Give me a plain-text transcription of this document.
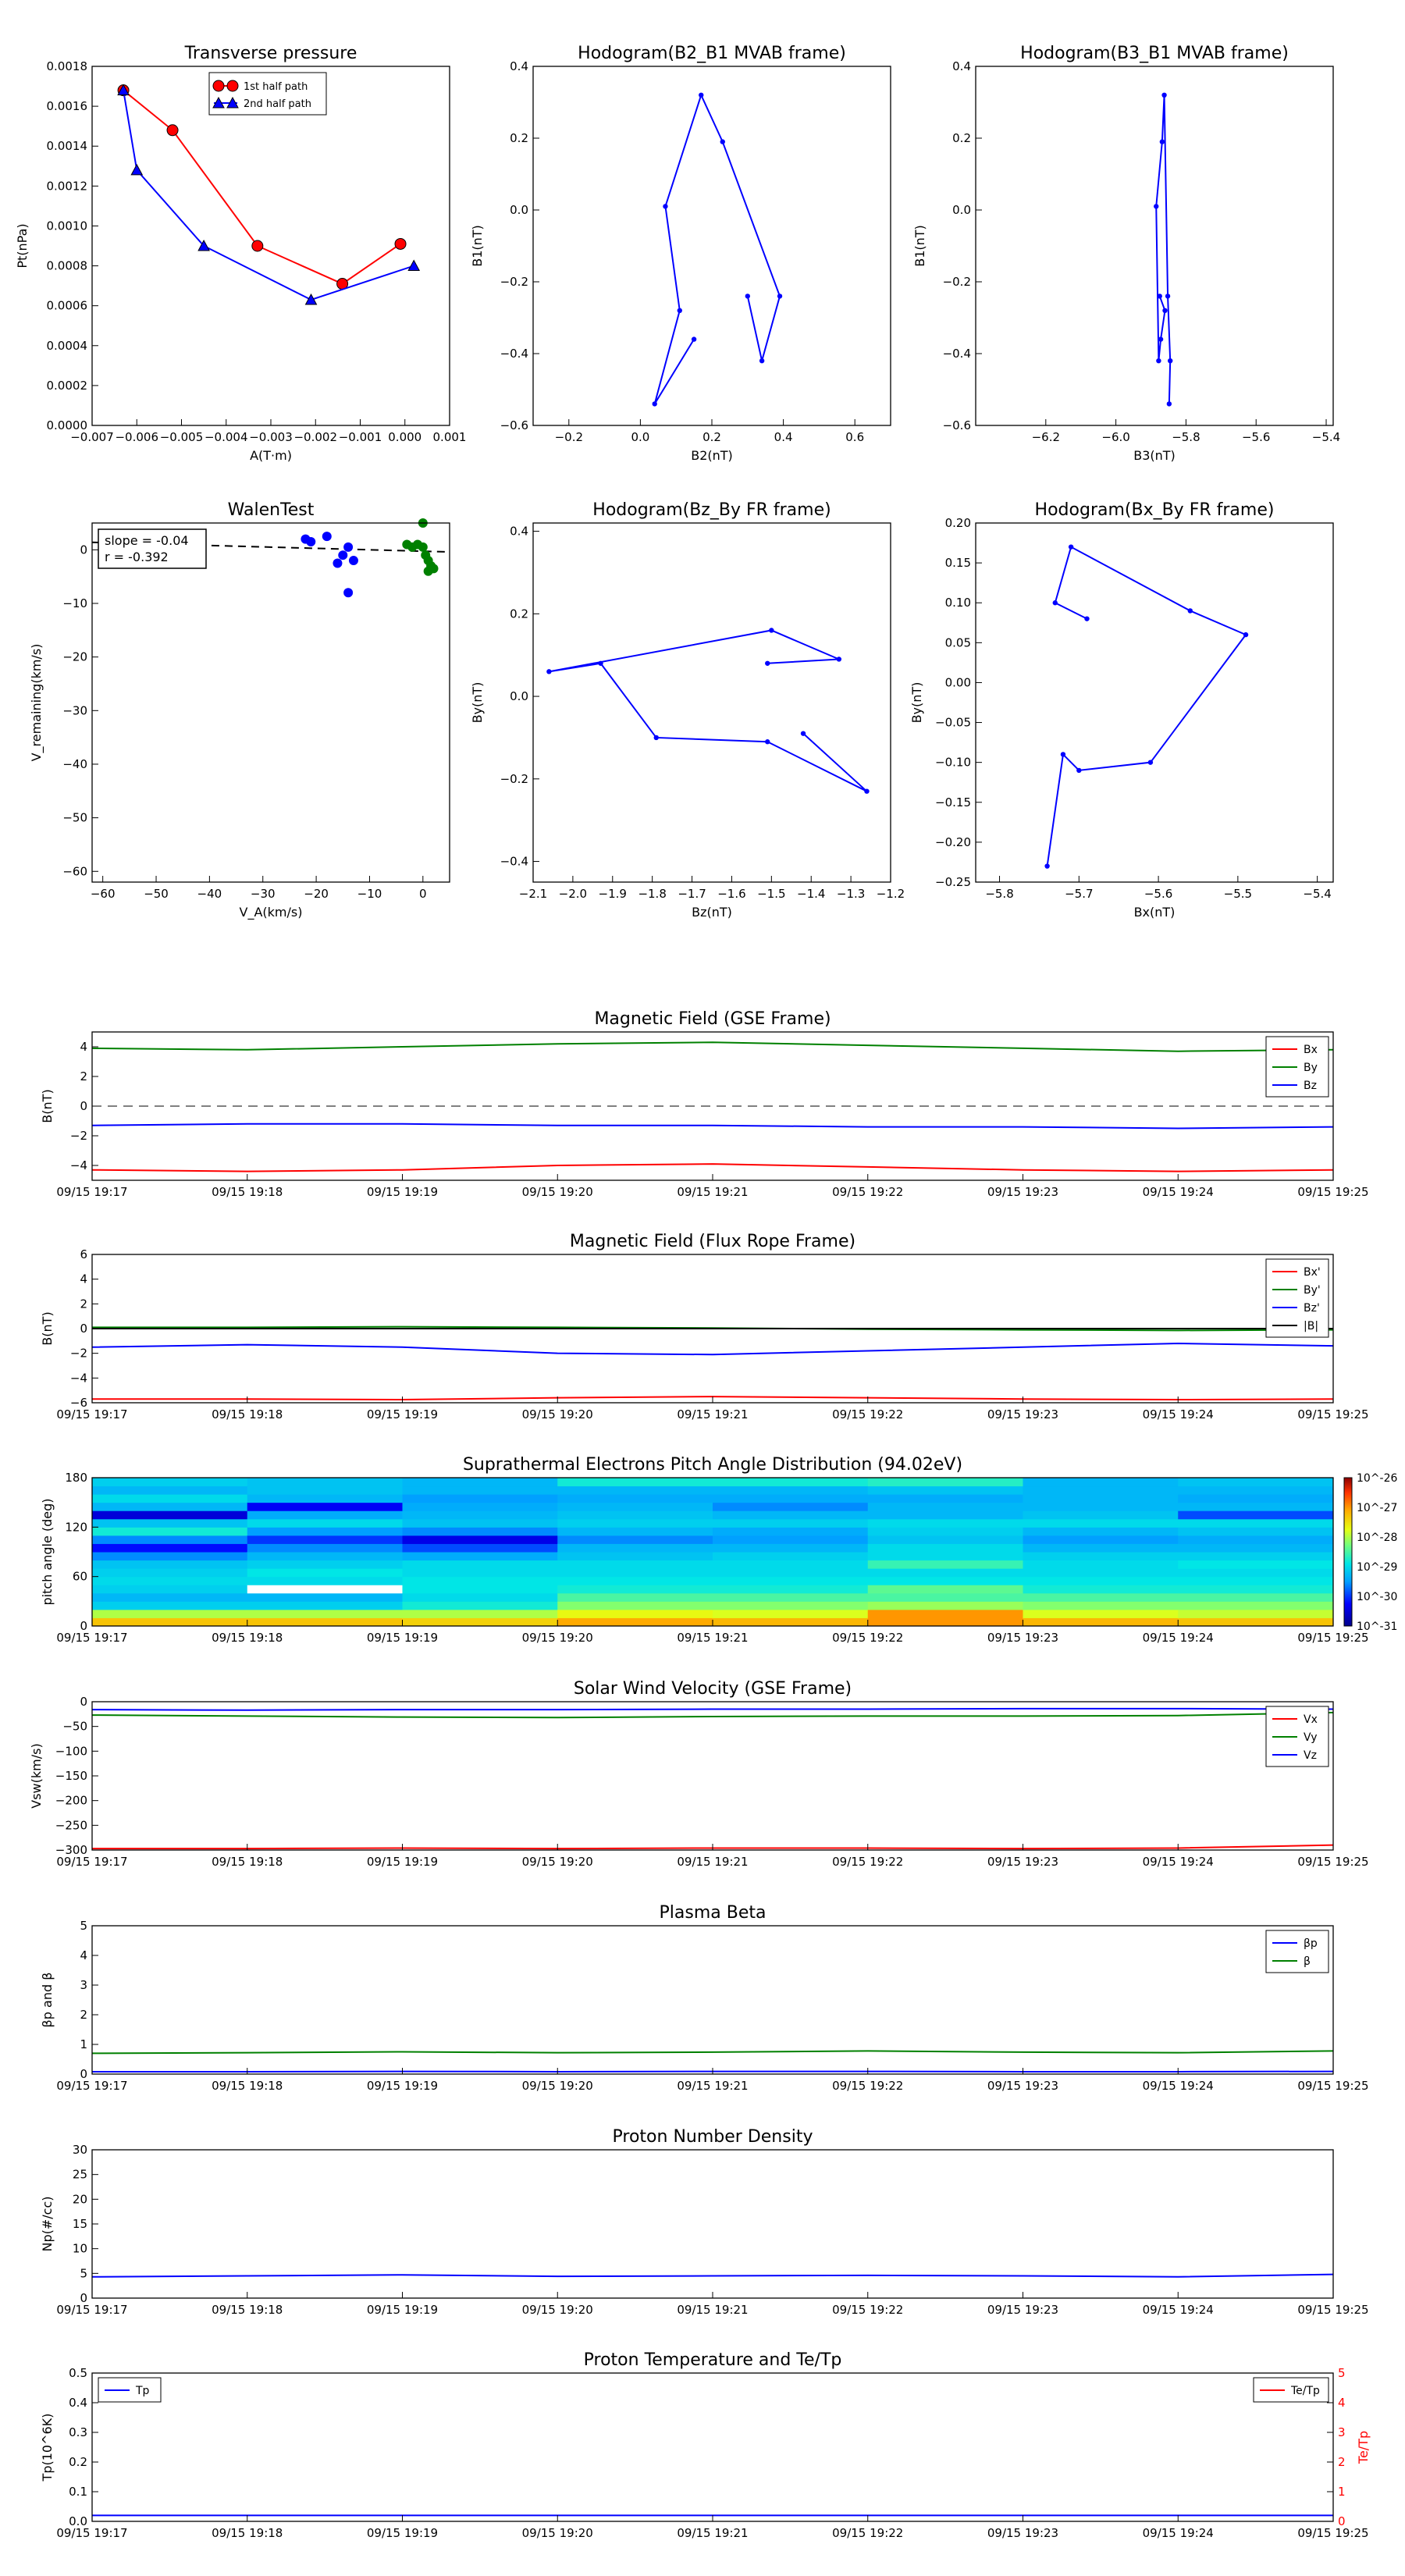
Transverse pressure
−0.007 −0.006 −0.005 −0.004 −0.003 −0.002 −0.001 0.000 0.001
0.0000
0.0002
0.0004
0.0006
0.0008
0.0010
0.0012
0.0014
0.0016
0.0018
A(T·m)
Pt(nPa)
1st half path
2nd half path
Hodogram(B2_B1 MVAB frame)
−0.2	0.0	0.2	0.4	0.6
−0.6
−0.4
−0.2
0.0
0.2
0.4
B2(nT)
B1(nT)
Hodogram(B3_B1 MVAB frame)
−6.2	−6.0	−5.8	−5.6	−5.4
−0.6
−0.4
−0.2
0.0
0.2
0.4
B3(nT)
B1(nT)
WalenTest
−60 −50 −40 −30 −20 −10	0
−60
−50
−40
−30
−20
−10
0
V_A(km/s)
V_remaining(km/s)
slope = -0.04
r = -0.392
Hodogram(Bz_By FR frame)
−2.1 −2.0 −1.9 −1.8 −1.7 −1.6 −1.5 −1.4 −1.3 −1.2
−0.4
−0.2
0.0
0.2
0.4
Bz(nT)
By(nT)
Hodogram(Bx_By FR frame)
−5.8	−5.7	−5.6	−5.5	−5.4
−0.25
−0.20
−0.15
−0.10
−0.05
0.00
0.05
0.10
0.15
0.20
Bx(nT)
By(nT)
Magnetic Field (GSE Frame)
09/15 19:17	09/15 19:18	09/15 19:19	09/15 19:20	09/15 19:21	09/15 19:22	09/15 19:23	09/15 19:24	09/15 19:25
−4
−2
0
2
4
B(nT)
Bx
By
Bz
Magnetic Field (Flux Rope Frame)
09/15 19:17	09/15 19:18	09/15 19:19	09/15 19:20	09/15 19:21	09/15 19:22	09/15 19:23	09/15 19:24	09/15 19:25
−6
−4
−2
0
2
4
6
B(nT)
Bx'
By'
Bz'
|B|
Suprathermal Electrons Pitch Angle Distribution (94.02eV)
10^-26
10^-27
10^-28
10^-29
10^-30
10^-31
09/15 19:17	09/15 19:18	09/15 19:19	09/15 19:20	09/15 19:21	09/15 19:22	09/15 19:23	09/15 19:24	09/15 19:25
0
60
120
180
pitch angle (deg)
Solar Wind Velocity (GSE Frame)
09/15 19:17	09/15 19:18	09/15 19:19	09/15 19:20	09/15 19:21	09/15 19:22	09/15 19:23	09/15 19:24	09/15 19:25
−300
−250
−200
−150
−100
−50
0
Vsw(km/s)
Vx
Vy
Vz
Plasma Beta
09/15 19:17	09/15 19:18	09/15 19:19	09/15 19:20	09/15 19:21	09/15 19:22	09/15 19:23	09/15 19:24	09/15 19:25
0
1
2
3
4
5
βp and β
βp
β
Proton Number Density
09/15 19:17	09/15 19:18	09/15 19:19	09/15 19:20	09/15 19:21	09/15 19:22	09/15 19:23	09/15 19:24	09/15 19:25
0
5
10
15
20
25
30
Np(#/cc)
Proton Temperature and Te/Tp
09/15 19:17	09/15 19:18	09/15 19:19	09/15 19:20	09/15 19:21	09/15 19:22	09/15 19:23	09/15 19:24	09/15 19:25
0.0
0.1
0.2
0.3
0.4
0.5
Tp(10^6K)
0
1
2
3
4
5
Te/Tp
Tp	Te/Tp
